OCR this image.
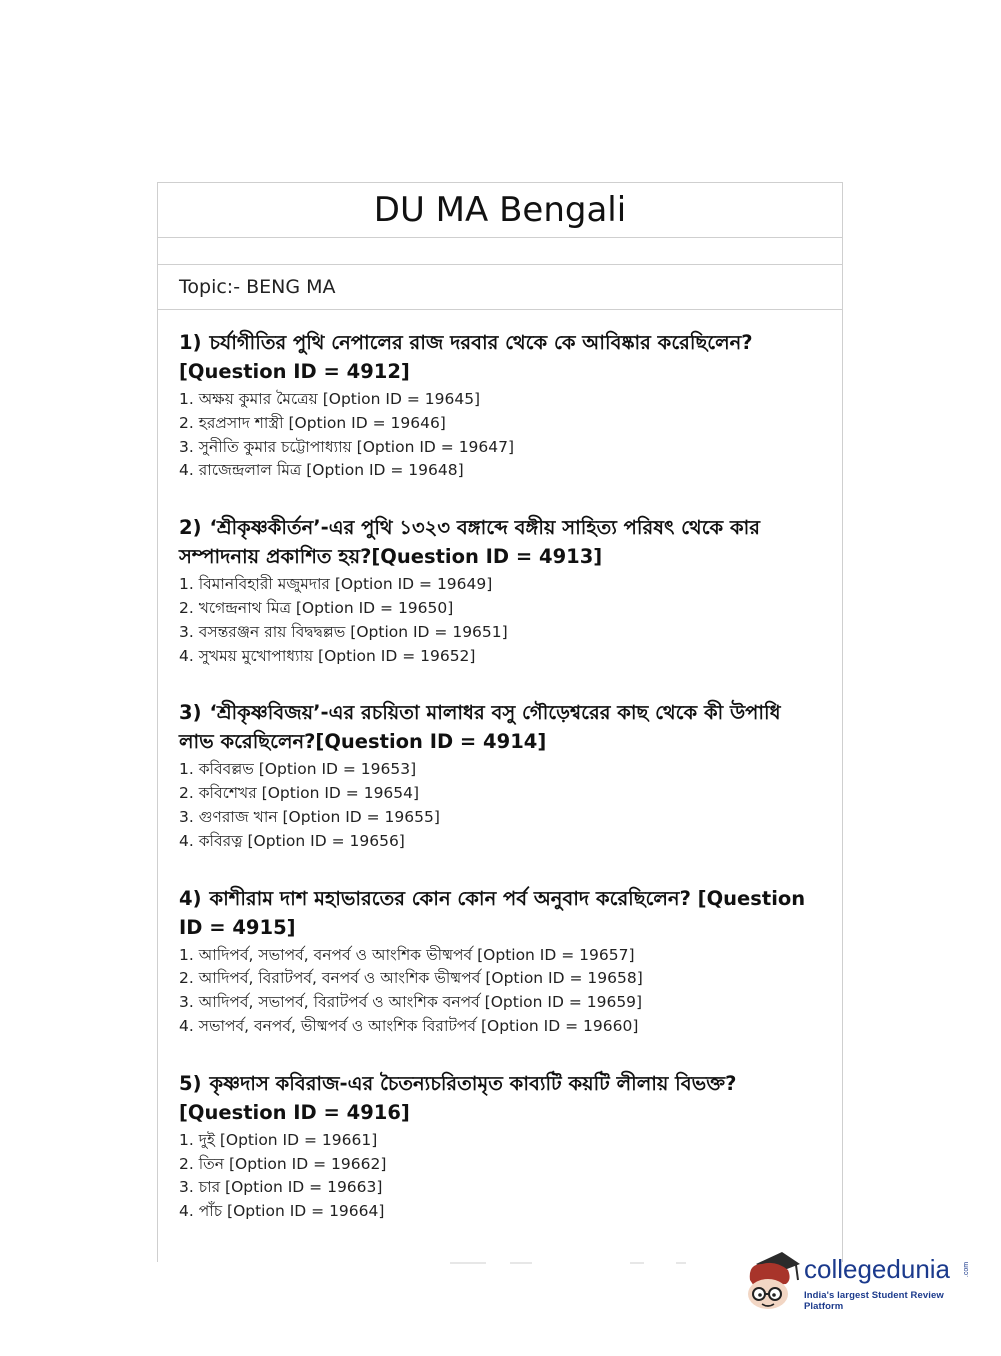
DU MA Bengali
Topic:- BENG MA
1) চর্যাগীতির পুথি নেপালের রাজ দরবার থেকে কে আবিষ্কার করেছিলেন?[Question ID = 4912]
1. অক্ষয় কুমার মৈত্রেয় [Option ID = 19645]
2. হরপ্রসাদ শাস্ত্রী [Option ID = 19646]
3. সুনীতি কুমার চট্টোপাধ্যায় [Option ID = 19647]
4. রাজেন্দ্রলাল মিত্র [Option ID = 19648]
2) ‘শ্রীকৃষ্ণকীর্তন’-এর পুথি ১৩২৩ বঙ্গাব্দে বঙ্গীয় সাহিত্য পরিষৎ থেকে কার সম্পাদনায় প্রকাশিত হয়?[Question ID = 4913]
1. বিমানবিহারী মজুমদার [Option ID = 19649]
2. খগেন্দ্রনাথ মিত্র [Option ID = 19650]
3. বসন্তরঞ্জন রায় বিদ্বদ্বল্লভ [Option ID = 19651]
4. সুখময় মুখোপাধ্যায় [Option ID = 19652]
3) ‘শ্রীকৃষ্ণবিজয়’-এর রচয়িতা মালাধর বসু গৌড়েশ্বরের কাছ থেকে কী উপাধি লাভ করেছিলেন?[Question ID = 4914]
1. কবিবল্লভ [Option ID = 19653]
2. কবিশেখর [Option ID = 19654]
3. গুণরাজ খান [Option ID = 19655]
4. কবিরত্ন [Option ID = 19656]
4) কাশীরাম দাশ মহাভারতের কোন কোন পর্ব অনুবাদ করেছিলেন? [Question ID = 4915]
1. আদিপর্ব, সভাপর্ব, বনপর্ব ও আংশিক ভীষ্মপর্ব [Option ID = 19657]
2. আদিপর্ব, বিরাটপর্ব, বনপর্ব ও আংশিক ভীষ্মপর্ব [Option ID = 19658]
3. আদিপর্ব, সভাপর্ব, বিরাটপর্ব ও আংশিক বনপর্ব [Option ID = 19659]
4. সভাপর্ব, বনপর্ব, ভীষ্মপর্ব ও আংশিক বিরাটপর্ব [Option ID = 19660]
5) কৃষ্ণদাস কবিরাজ-এর চৈতন্যচরিতামৃত কাব্যটি কয়টি লীলায় বিভক্ত? [Question ID = 4916]
1. দুই [Option ID = 19661]
2. তিন [Option ID = 19662]
3. চার [Option ID = 19663]
4. পাঁচ [Option ID = 19664]
collegedunia .com
India's largest Student Review Platform
